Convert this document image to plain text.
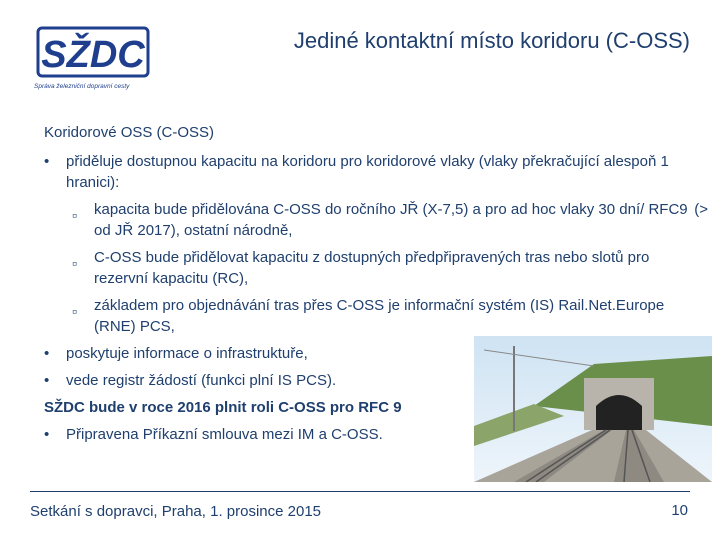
SŽDC
Správa železniční dopravní cesty
Jediné kontaktní místo koridoru (C-OSS)
Koridorové OSS (C-OSS)
• přiděluje dostupnou kapacitu na koridoru pro koridorové vlaky (vlaky překračující alespoň 1 hranici):
▫ kapacita bude přidělována C-OSS do ročního JŘ (X-7,5) a pro ad hoc vlaky 30 dní/ RFC9 od JŘ 2017), ostatní národně,
(>
▫ C-OSS bude přidělovat kapacitu z dostupných předpřipravených tras nebo slotů pro rezervní kapacitu (RC),
▫ základem pro objednávání tras přes C-OSS je informační systém (IS) Rail.Net.Europe (RNE) PCS,
• poskytuje informace o infrastruktuře,
• vede registr žádostí (funkci plní IS PCS).
SŽDC bude v roce 2016 plnit roli C-OSS pro RFC 9
• Připravena Příkazní smlouva mezi IM a C-OSS.
Setkání s dopravci, Praha, 1. prosince 2015	10
